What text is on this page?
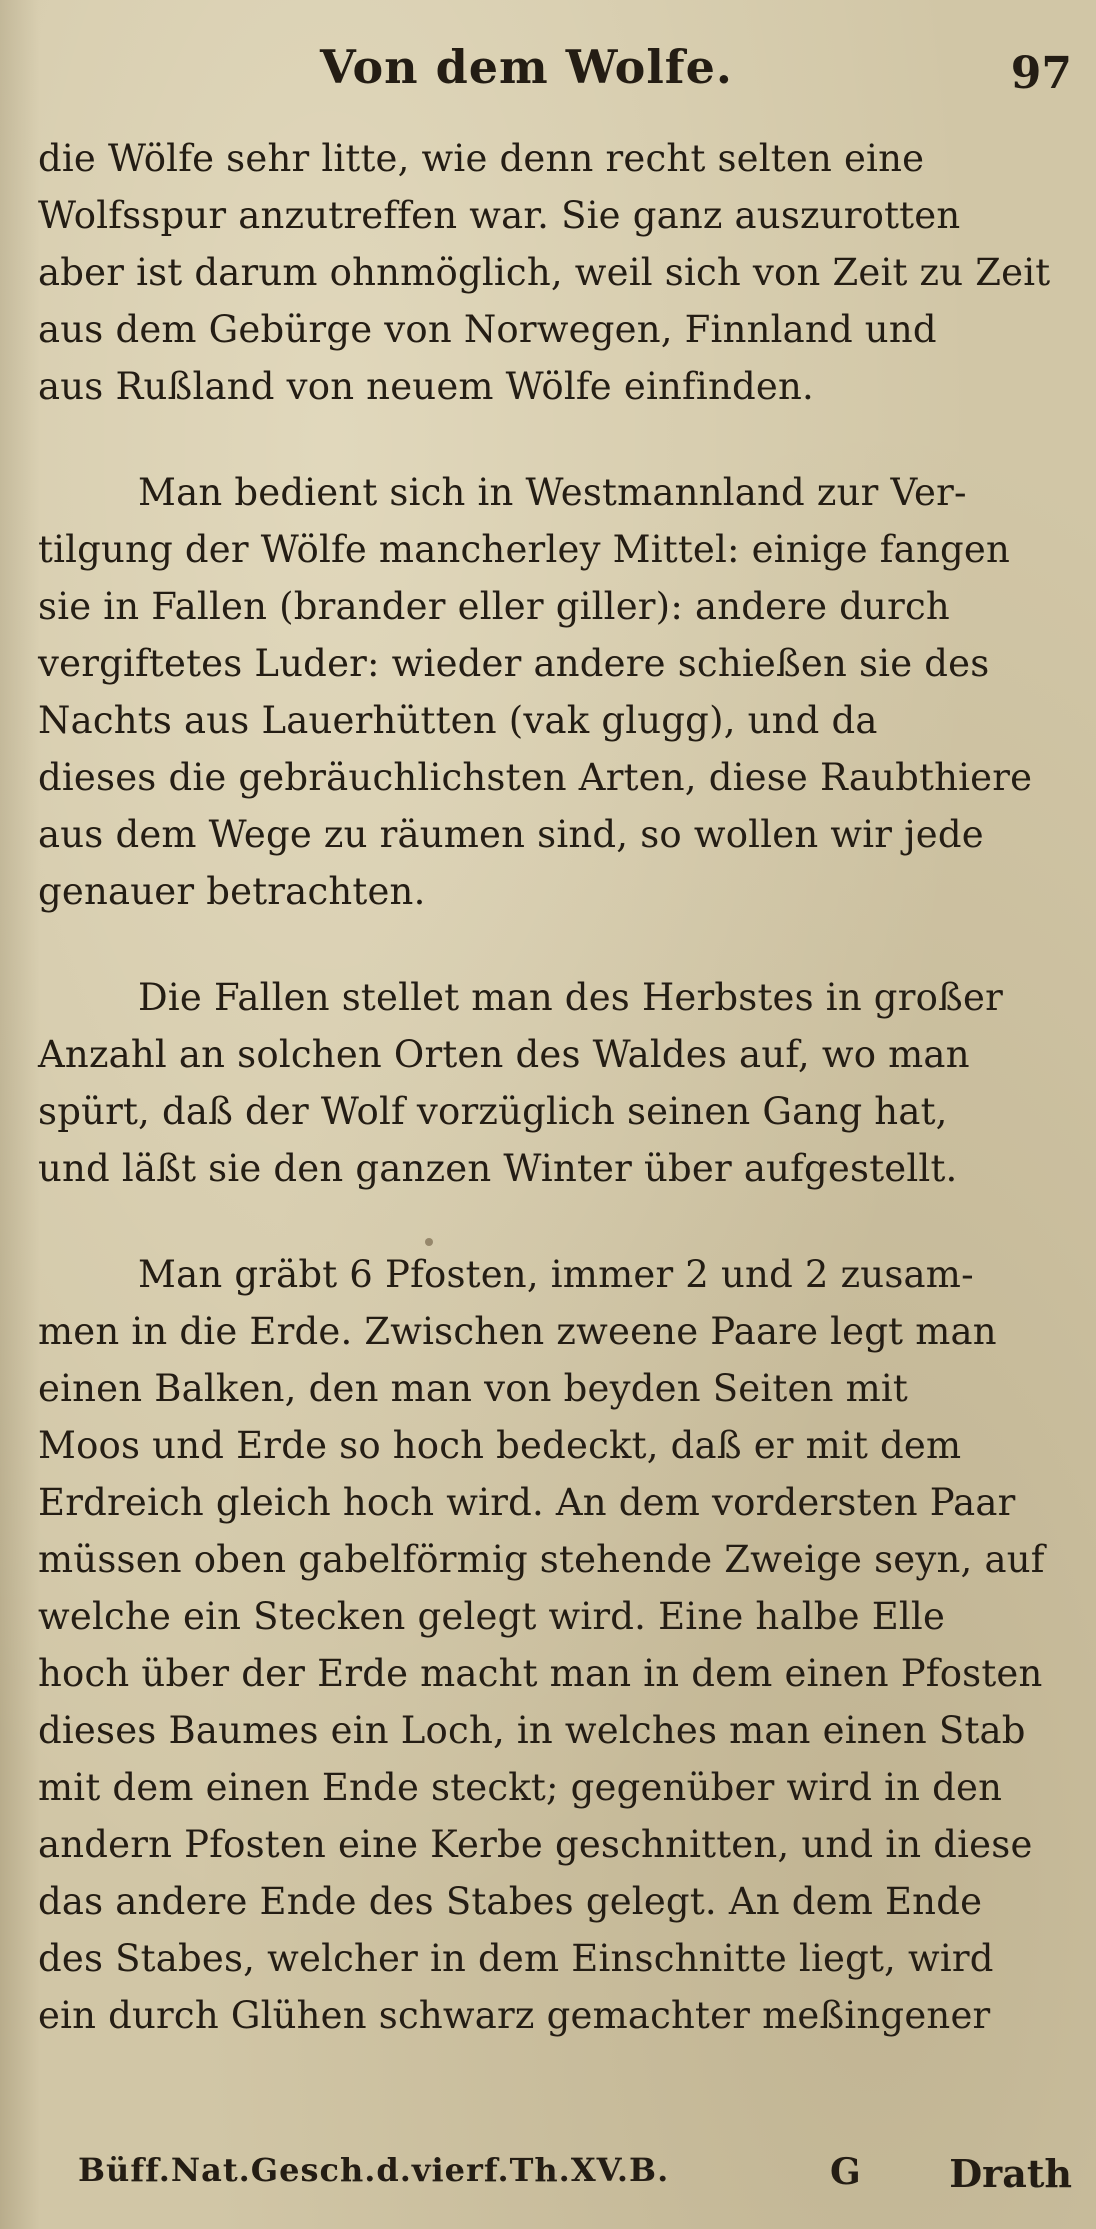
Von dem Wolfe.	97
die Wölfe sehr litte, wie denn recht selten eine
Wolfsspur anzutreffen war. Sie ganz auszurotten
aber ist darum ohnmöglich, weil sich von Zeit zu Zeit
aus dem Gebürge von Norwegen, Finnland und
aus Rußland von neuem Wölfe einfinden.
Man bedient sich in Westmannland zur Ver-
tilgung der Wölfe mancherley Mittel: einige fangen
sie in Fallen (brander eller giller): andere durch
vergiftetes Luder: wieder andere schießen sie des
Nachts aus Lauerhütten (vak glugg), und da
dieses die gebräuchlichsten Arten, diese Raubthiere
aus dem Wege zu räumen sind, so wollen wir jede
genauer betrachten.
Die Fallen stellet man des Herbstes in großer
Anzahl an solchen Orten des Waldes auf, wo man
spürt, daß der Wolf vorzüglich seinen Gang hat,
und läßt sie den ganzen Winter über aufgestellt.
Man gräbt 6 Pfosten, immer 2 und 2 zusam-
men in die Erde. Zwischen zweene Paare legt man
einen Balken, den man von beyden Seiten mit
Moos und Erde so hoch bedeckt, daß er mit dem
Erdreich gleich hoch wird. An dem vordersten Paar
müssen oben gabelförmig stehende Zweige seyn, auf
welche ein Stecken gelegt wird. Eine halbe Elle
hoch über der Erde macht man in dem einen Pfosten
dieses Baumes ein Loch, in welches man einen Stab
mit dem einen Ende steckt; gegenüber wird in den
andern Pfosten eine Kerbe geschnitten, und in diese
das andere Ende des Stabes gelegt. An dem Ende
des Stabes, welcher in dem Einschnitte liegt, wird
ein durch Glühen schwarz gemachter meßingener
Büff.Nat.Gesch.d.vierf.Th.XV.B.	G Drath
